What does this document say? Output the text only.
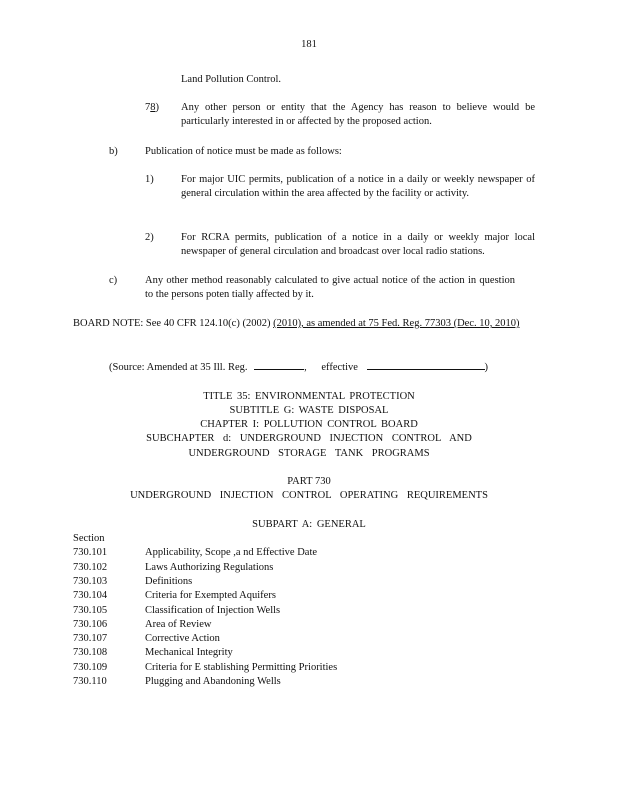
181
Land Pollution Control.
78) Any other person or entity that the Agency has reason to believe would be particularly interested in or affected by the proposed action.
b)	Publication of notice must be made as follows:
1)	For major UIC permits, publication of a notice in a daily or weekly newspaper of general circulation within the area affected by the facility or activity.
2)	For RCRA permits, publication of a notice in a daily or weekly major local newspaper of general circulation and broadcast over local radio stations.
c)	Any other method reasonably calculated to give actual notice of the action in question to the persons poten tially affected by it.
BOARD NOTE: See 40 CFR 124.10(c) (2002) (2010), as amended at 75 Fed. Reg. 77303 (Dec. 10, 2010)
(Source: Amended at 35 Ill. Reg.	, effective	)
TITLE 35: ENVIRONMENTAL PROTECTION
SUBTITLE G: WASTE DISPOSAL
CHAPTER I: POLLUTION CONTROL BOARD
SUBCHAPTER d: UNDERGROUND INJECTION CONTROL AND
UNDERGROUND STORAGE TANK PROGRAMS
PART 730
UNDERGROUND INJECTION CONTROL OPERATING REQUIREMENTS
SUBPART A: GENERAL
Section
730.101	Applicability, Scope ,a nd Effective Date
730.102	Laws Authorizing Regulations
730.103	Definitions
730.104	Criteria for Exempted Aquifers
730.105	Classification of Injection Wells
730.106	Area of Review
730.107	Corrective Action
730.108	Mechanical Integrity
730.109	Criteria for E stablishing Permitting Priorities
730.110	Plugging and Abandoning Wells
